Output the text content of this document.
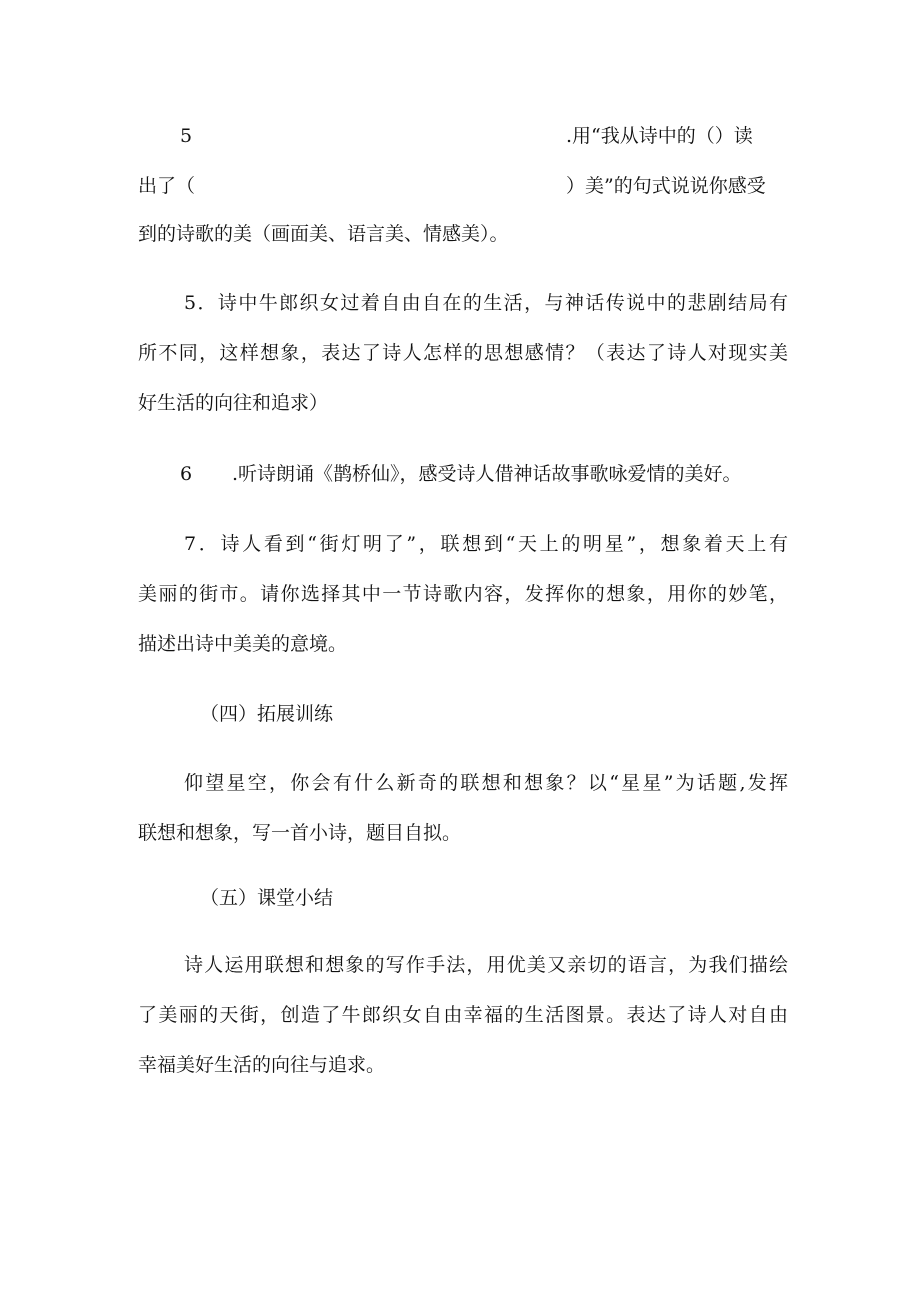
5	.用“我从诗中的（）读
出了（	）美”的句式说说你感受
到的诗歌的美（画面美、语言美、情感美）。
5．诗中牛郎织女过着自由自在的生活，与神话传说中的悲剧结局有
所不同，这样想象，表达了诗人怎样的思想感情？（表达了诗人对现实美
好生活的向往和追求）
6 .听诗朗诵《鹊桥仙》，感受诗人借神话故事歌咏爱情的美好。
7．诗人看到“街灯明了”，联想到“天上的明星”，想象着天上有
美丽的街市。请你选择其中一节诗歌内容，发挥你的想象，用你的妙笔，
描述出诗中美美的意境。
（四）拓展训练
仰望星空，你会有什么新奇的联想和想象？以“星星”为话题,发挥
联想和想象，写一首小诗，题目自拟。
（五）课堂小结
诗人运用联想和想象的写作手法，用优美又亲切的语言，为我们描绘
了美丽的天街，创造了牛郎织女自由幸福的生活图景。表达了诗人对自由
幸福美好生活的向往与追求。
